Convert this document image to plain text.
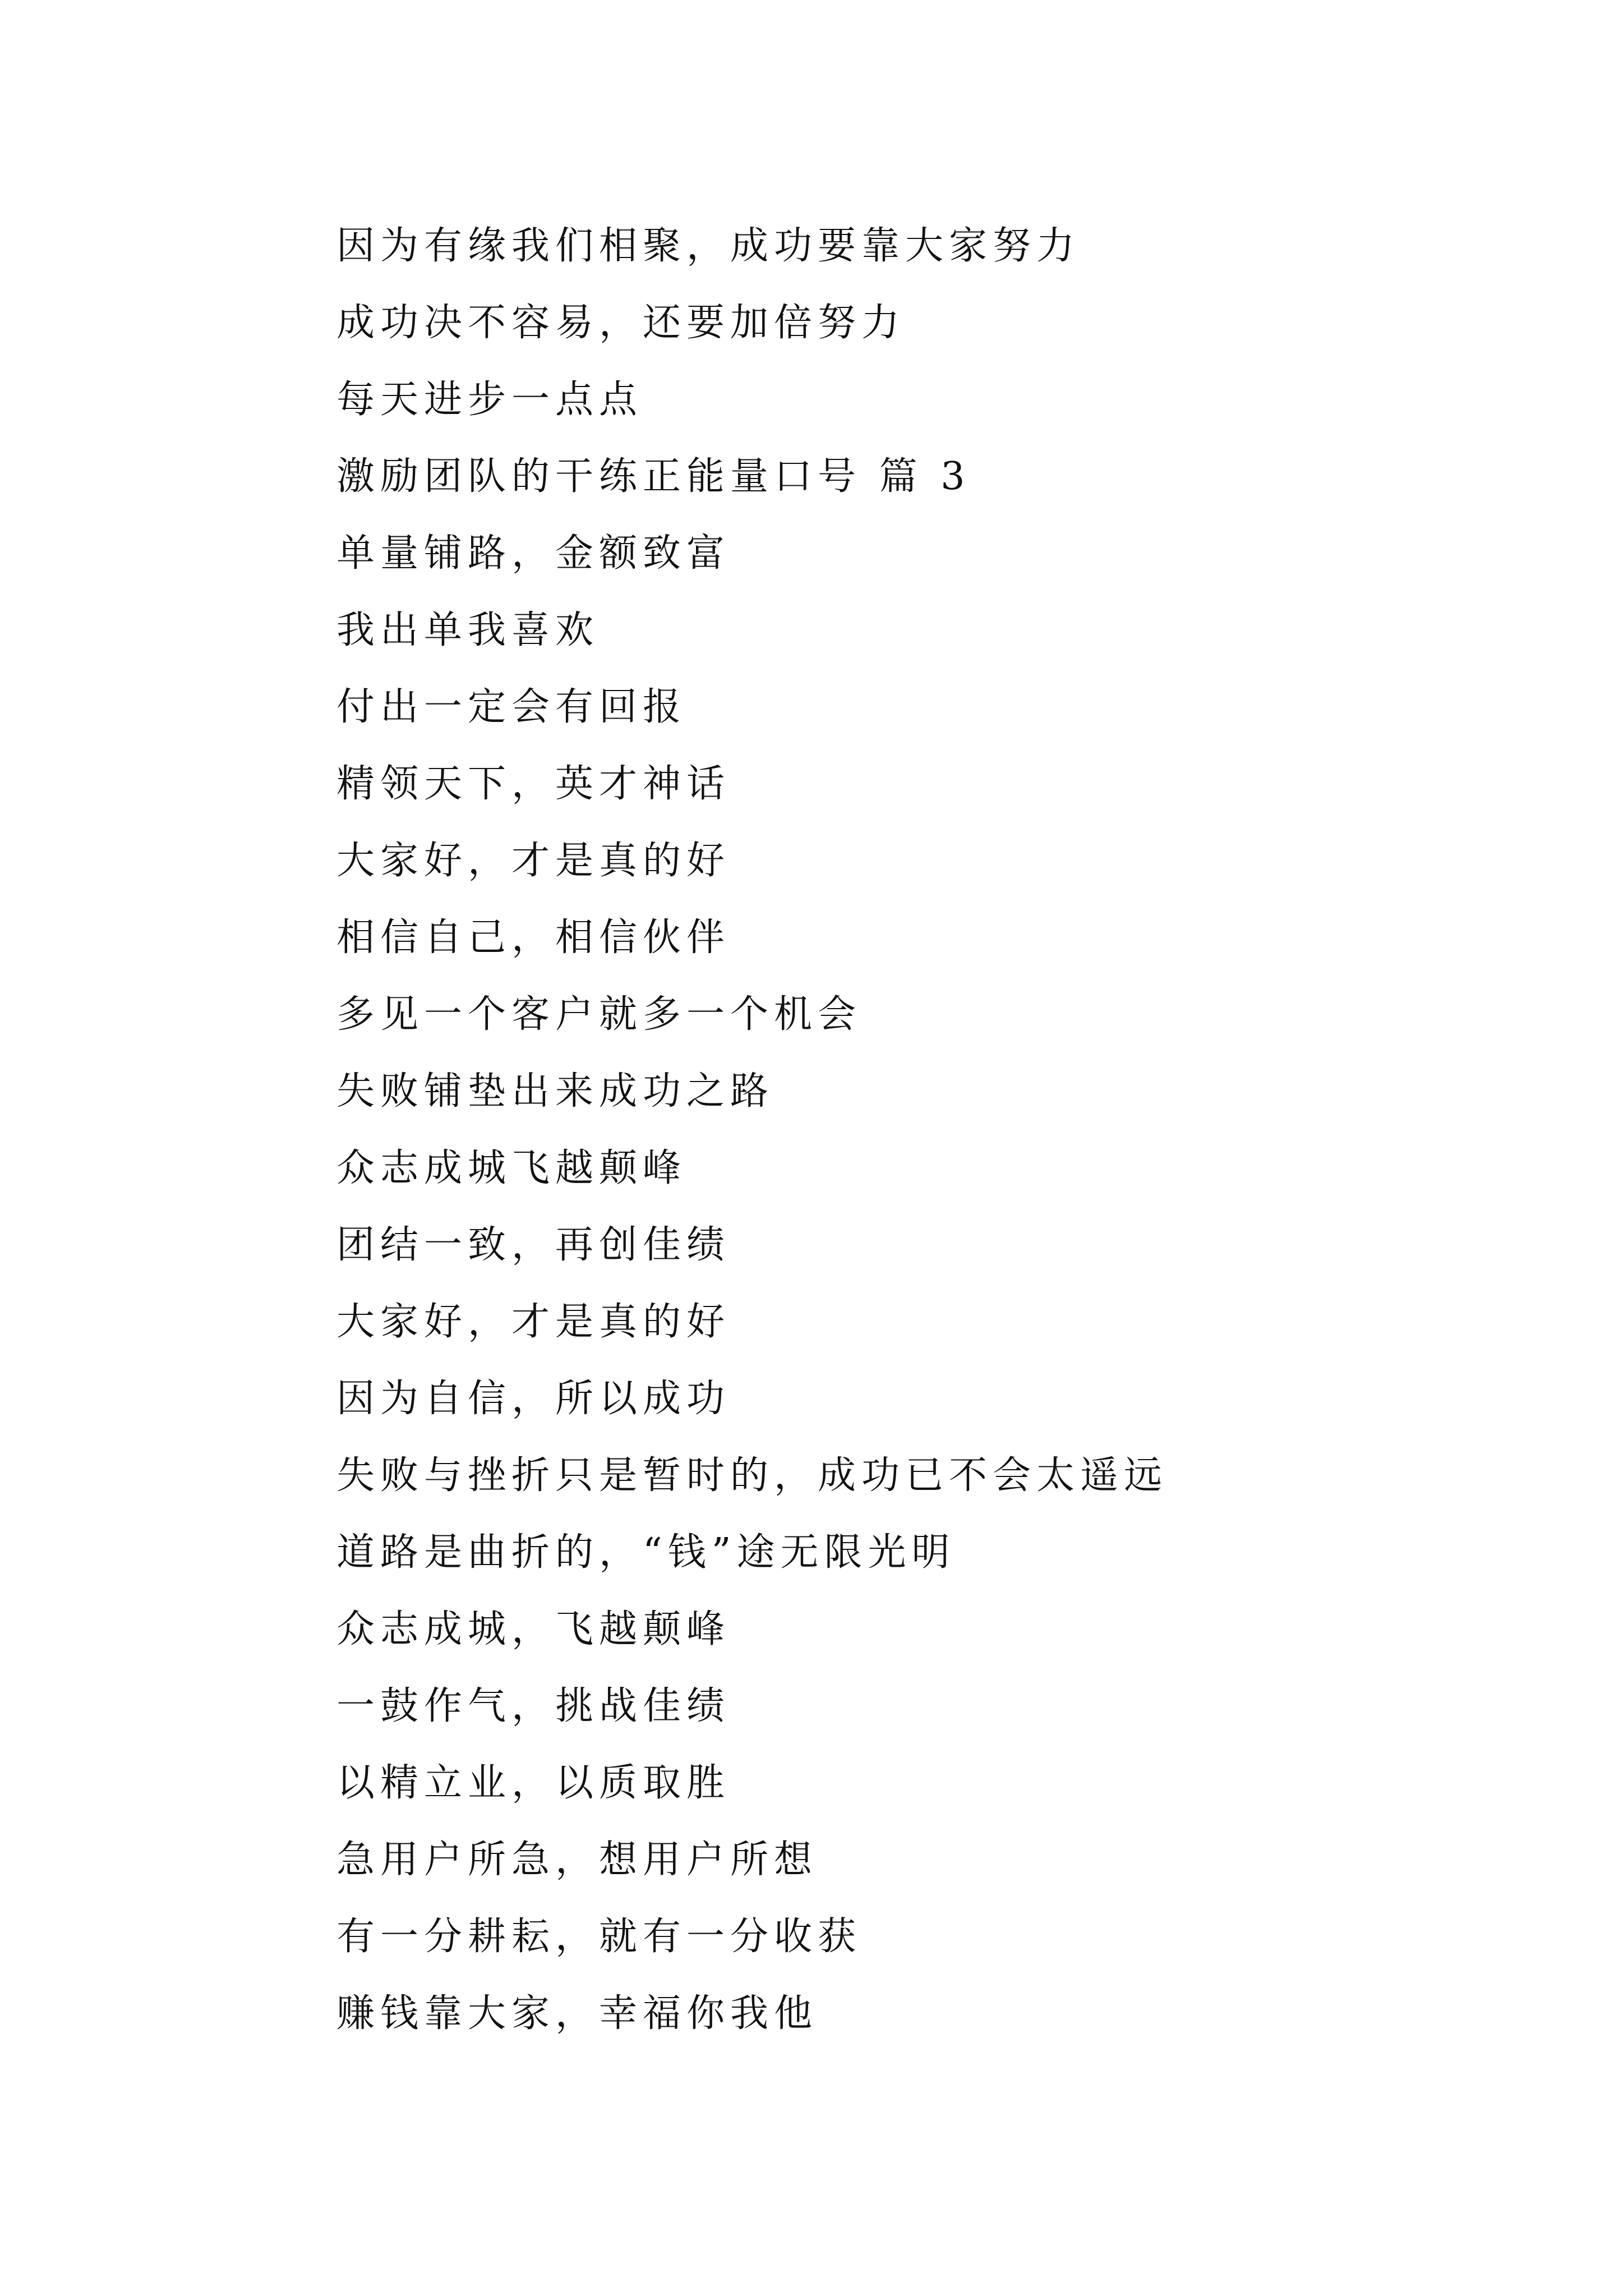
因为有缘我们相聚，成功要靠大家努力
成功决不容易，还要加倍努力
每天进步一点点
激励团队的干练正能量口号 篇 3
单量铺路，金额致富
我出单我喜欢
付出一定会有回报
精领天下，英才神话
大家好，才是真的好
相信自己，相信伙伴
多见一个客户就多一个机会
失败铺垫出来成功之路
众志成城飞越颠峰
团结一致，再创佳绩
大家好，才是真的好
因为自信，所以成功
失败与挫折只是暂时的，成功已不会太遥远
道路是曲折的，“钱”途无限光明
众志成城，飞越颠峰
一鼓作气，挑战佳绩
以精立业，以质取胜
急用户所急，想用户所想
有一分耕耘，就有一分收获
赚钱靠大家，幸福你我他
